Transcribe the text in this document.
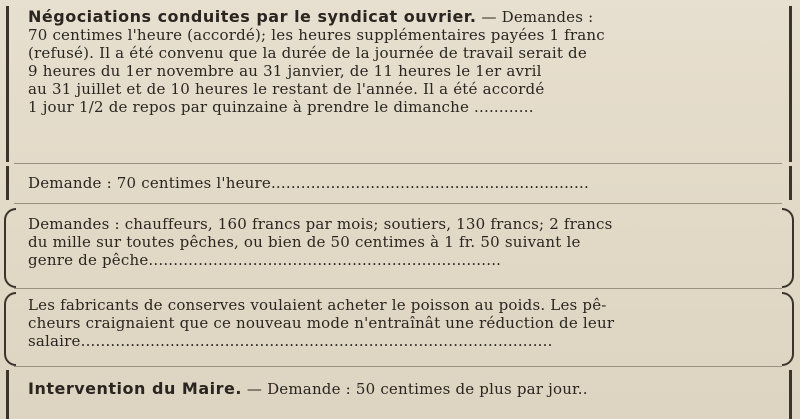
Négociations conduites par le syndicat ouvrier. — Demandes :
70 centimes l'heure (accordé); les heures supplémentaires payées 1 franc
(refusé). Il a été convenu que la durée de la journée de travail serait de
9 heures du 1er novembre au 31 janvier, de 11 heures le 1er avril
au 31 juillet et de 10 heures le restant de l'année. Il a été accordé
1 jour 1/2 de repos par quinzaine à prendre le dimanche ............
Demande : 70 centimes l'heure................................................................
Demandes : chauffeurs, 160 francs par mois; soutiers, 130 francs; 2 francs
du mille sur toutes pêches, ou bien de 50 centimes à 1 fr. 50 suivant le
genre de pêche.......................................................................
Les fabricants de conserves voulaient acheter le poisson au poids. Les pê-
cheurs craignaient que ce nouveau mode n'entraînât une réduction de leur
salaire...............................................................................................
Intervention du Maire. — Demande : 50 centimes de plus par jour..
